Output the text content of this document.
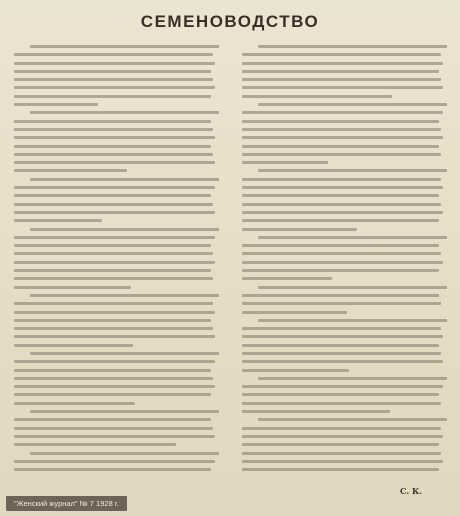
СЕМЕНОВОДСТВО
С. К.
"Женский журнал" № 7 1928 г.
